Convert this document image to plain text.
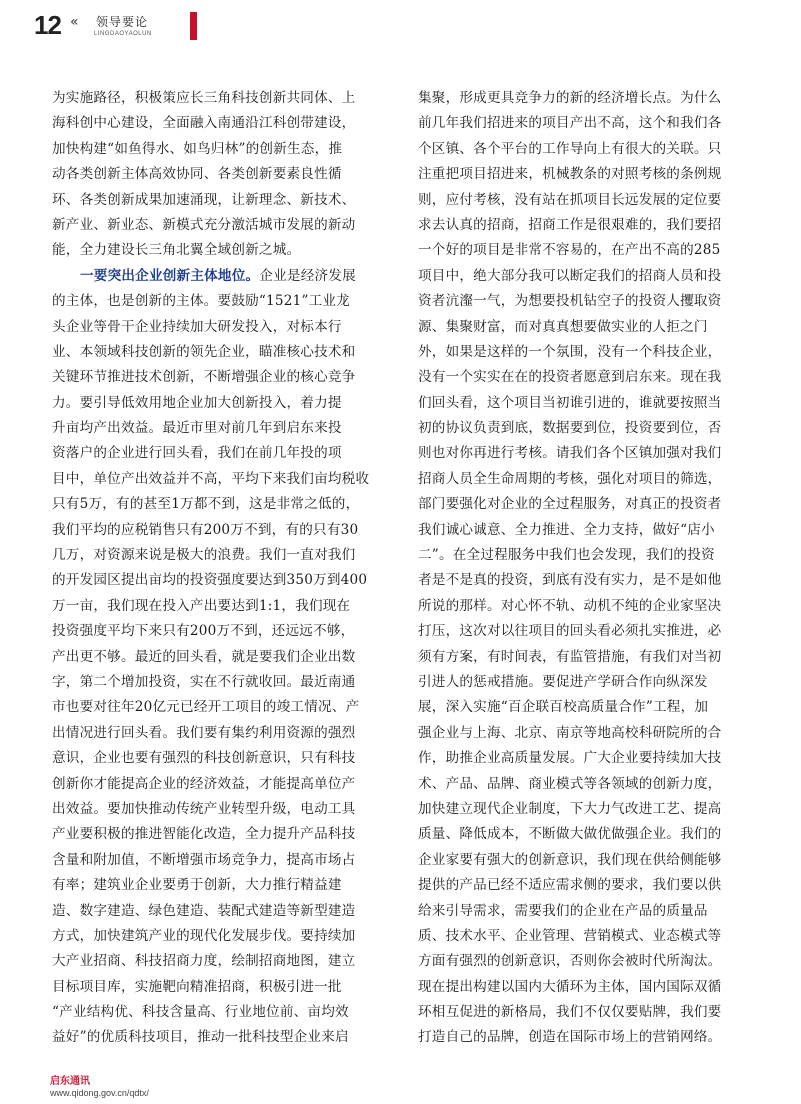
12 « 领导要论
LINGDAOYAOLUN
为实施路径，积极策应长三角科技创新共同体、上
海科创中心建设，全面融入南通沿江科创带建设，
加快构建“如鱼得水、如鸟归林”的创新生态，推
动各类创新主体高效协同、各类创新要素良性循
环、各类创新成果加速涌现，让新理念、新技术、
新产业、新业态、新模式充分激活城市发展的新动
能，全力建设长三角北翼全域创新之城。
一要突出企业创新主体地位。企业是经济发展
的主体，也是创新的主体。要鼓励“1521”工业龙
头企业等骨干企业持续加大研发投入，对标本行
业、本领域科技创新的领先企业，瞄准核心技术和
关键环节推进技术创新，不断增强企业的核心竞争
力。要引导低效用地企业加大创新投入，着力提
升亩均产出效益。最近市里对前几年到启东来投
资落户的企业进行回头看，我们在前几年投的项
目中，单位产出效益并不高，平均下来我们亩均税收
只有5万，有的甚至1万都不到，这是非常之低的，
我们平均的应税销售只有200万不到，有的只有30
几万，对资源来说是极大的浪费。我们一直对我们
的开发园区提出亩均的投资强度要达到350万到400
万一亩，我们现在投入产出要达到1:1，我们现在
投资强度平均下来只有200万不到，还远远不够，
产出更不够。最近的回头看，就是要我们企业出数
字，第二个增加投资，实在不行就收回。最近南通
市也要对往年20亿元已经开工项目的竣工情况、产
出情况进行回头看。我们要有集约利用资源的强烈
意识，企业也要有强烈的科技创新意识，只有科技
创新你才能提高企业的经济效益，才能提高单位产
出效益。要加快推动传统产业转型升级，电动工具
产业要积极的推进智能化改造，全力提升产品科技
含量和附加值，不断增强市场竞争力，提高市场占
有率；建筑业企业要勇于创新，大力推行精益建
造、数字建造、绿色建造、装配式建造等新型建造
方式，加快建筑产业的现代化发展步伐。要持续加
大产业招商、科技招商力度，绘制招商地图，建立
目标项目库，实施靶向精准招商，积极引进一批
“产业结构优、科技含量高、行业地位前、亩均效
益好”的优质科技项目，推动一批科技型企业来启
集聚，形成更具竞争力的新的经济增长点。为什么
前几年我们招进来的项目产出不高，这个和我们各
个区镇、各个平台的工作导向上有很大的关联。只
注重把项目招进来，机械教条的对照考核的条例规
则，应付考核，没有站在抓项目长远发展的定位要
求去认真的招商，招商工作是很艰难的，我们要招
一个好的项目是非常不容易的，在产出不高的285
项目中，绝大部分我可以断定我们的招商人员和投
资者沆瀣一气，为想要投机钻空子的投资人攫取资
源、集聚财富，而对真真想要做实业的人拒之门
外，如果是这样的一个氛围，没有一个科技企业，
没有一个实实在在的投资者愿意到启东来。现在我
们回头看，这个项目当初谁引进的，谁就要按照当
初的协议负责到底，数据要到位，投资要到位，否
则也对你再进行考核。请我们各个区镇加强对我们
招商人员全生命周期的考核，强化对项目的筛选，
部门要强化对企业的全过程服务，对真正的投资者
我们诚心诚意、全力推进、全力支持，做好“店小
二”。在全过程服务中我们也会发现，我们的投资
者是不是真的投资，到底有没有实力，是不是如他
所说的那样。对心怀不轨、动机不纯的企业家坚决
打压，这次对以往项目的回头看必须扎实推进，必
须有方案，有时间表，有监管措施，有我们对当初
引进人的惩戒措施。要促进产学研合作向纵深发
展，深入实施“百企联百校高质量合作”工程，加
强企业与上海、北京、南京等地高校科研院所的合
作，助推企业高质量发展。广大企业要持续加大技
术、产品、品牌、商业模式等各领域的创新力度，
加快建立现代企业制度，下大力气改进工艺、提高
质量、降低成本，不断做大做优做强企业。我们的
企业家要有强大的创新意识，我们现在供给侧能够
提供的产品已经不适应需求侧的要求，我们要以供
给来引导需求，需要我们的企业在产品的质量品
质、技术水平、企业管理、营销模式、业态模式等
方面有强烈的创新意识，否则你会被时代所淘汰。
现在提出构建以国内大循环为主体，国内国际双循
环相互促进的新格局，我们不仅仅要贴牌，我们要
打造自己的品牌，创造在国际市场上的营销网络。
启东通讯
www.qidong.gov.cn/qdtx/
